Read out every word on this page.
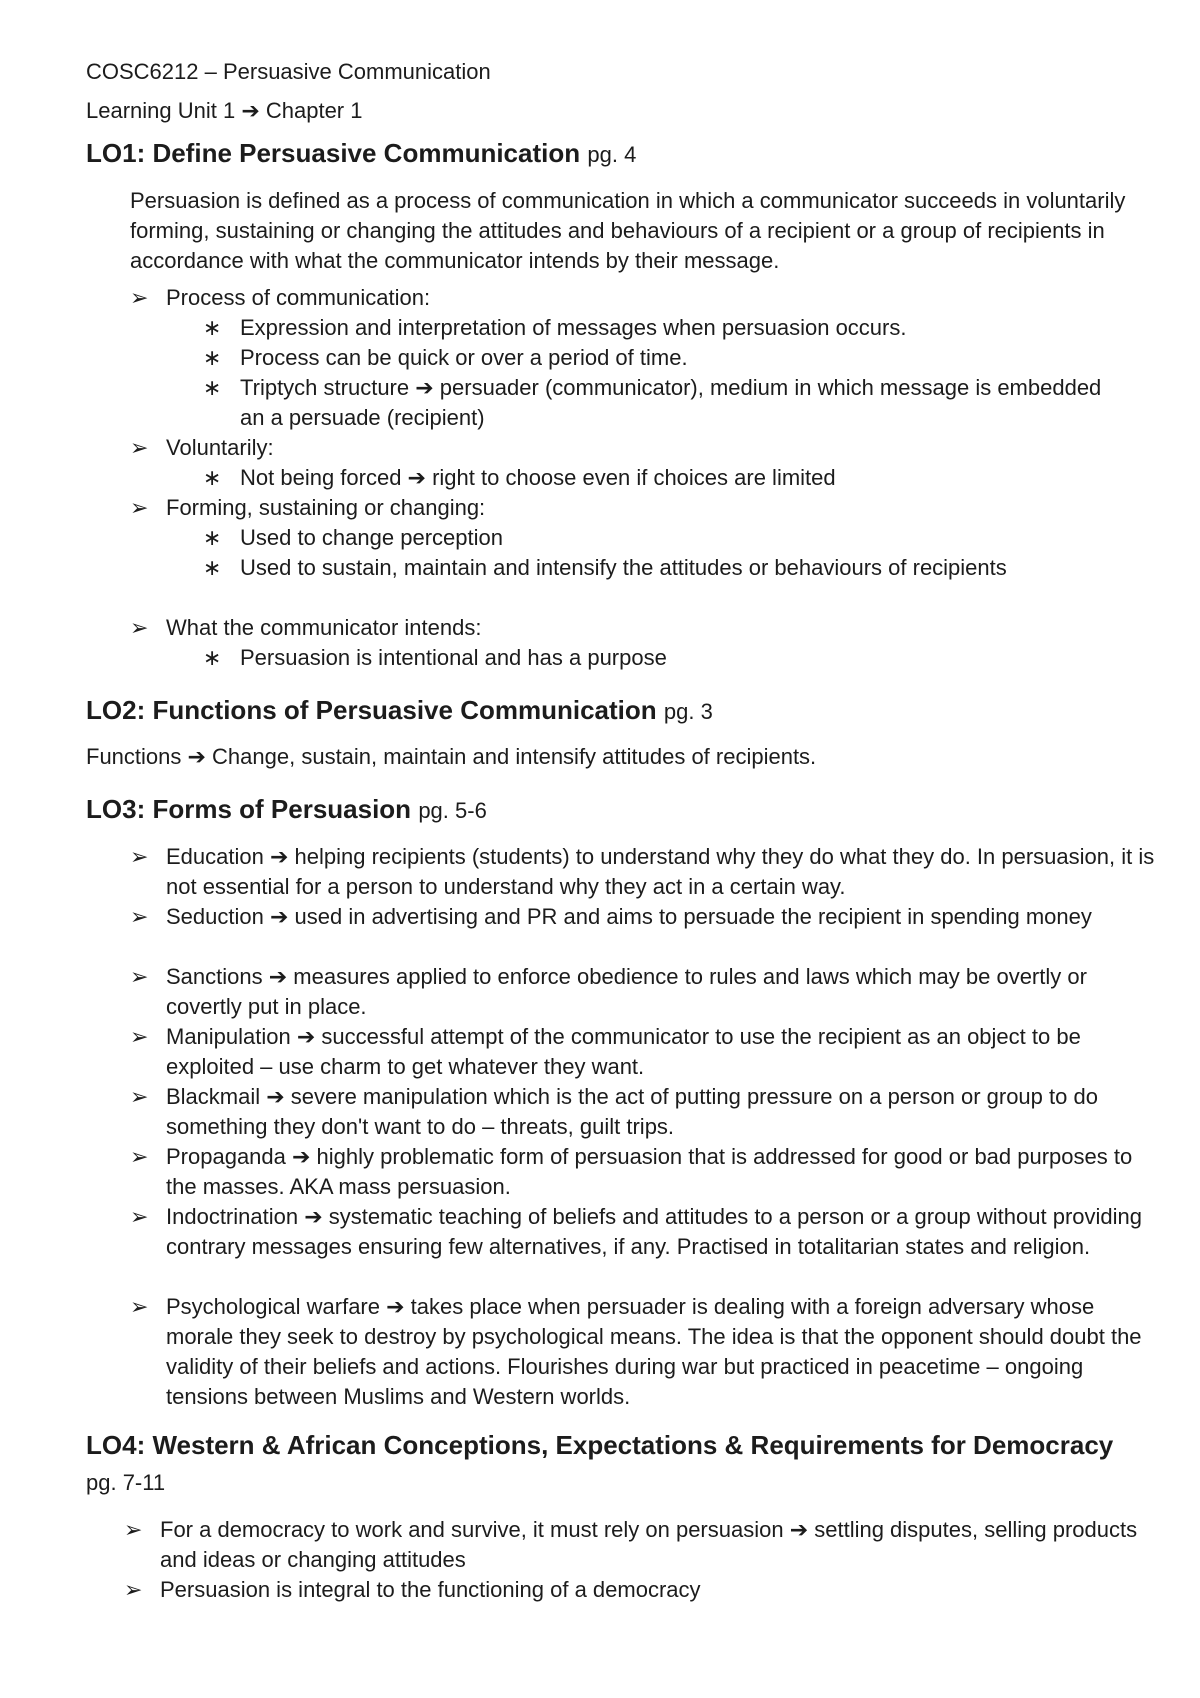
COSC6212 – Persuasive Communication
Learning Unit 1 ➔ Chapter 1
LO1: Define Persuasive Communication pg. 4
Persuasion is defined as a process of communication in which a communicator succeeds in voluntarily forming, sustaining or changing the attitudes and behaviours of a recipient or a group of recipients in accordance with what the communicator intends by their message.
➢ Process of communication:
∗ Expression and interpretation of messages when persuasion occurs.
∗ Process can be quick or over a period of time.
∗ Triptych structure ➔ persuader (communicator), medium in which message is embedded an a persuade (recipient)
➢ Voluntarily:
∗ Not being forced ➔ right to choose even if choices are limited
➢ Forming, sustaining or changing:
∗ Used to change perception
∗ Used to sustain, maintain and intensify the attitudes or behaviours of recipients
➢ What the communicator intends:
∗ Persuasion is intentional and has a purpose
LO2: Functions of Persuasive Communication pg. 3
Functions ➔ Change, sustain, maintain and intensify attitudes of recipients.
LO3: Forms of Persuasion pg. 5-6
➢ Education ➔ helping recipients (students) to understand why they do what they do. In persuasion, it is not essential for a person to understand why they act in a certain way.
➢ Seduction ➔ used in advertising and PR and aims to persuade the recipient in spending money
➢ Sanctions ➔ measures applied to enforce obedience to rules and laws which may be overtly or covertly put in place.
➢ Manipulation ➔ successful attempt of the communicator to use the recipient as an object to be exploited – use charm to get whatever they want.
➢ Blackmail ➔ severe manipulation which is the act of putting pressure on a person or group to do something they don't want to do – threats, guilt trips.
➢ Propaganda ➔ highly problematic form of persuasion that is addressed for good or bad purposes to the masses. AKA mass persuasion.
➢ Indoctrination ➔ systematic teaching of beliefs and attitudes to a person or a group without providing contrary messages ensuring few alternatives, if any. Practised in totalitarian states and religion.
➢ Psychological warfare ➔ takes place when persuader is dealing with a foreign adversary whose morale they seek to destroy by psychological means. The idea is that the opponent should doubt the validity of their beliefs and actions. Flourishes during war but practiced in peacetime – ongoing tensions between Muslims and Western worlds.
LO4: Western & African Conceptions, Expectations & Requirements for Democracy pg. 7-11
➢ For a democracy to work and survive, it must rely on persuasion ➔ settling disputes, selling products and ideas or changing attitudes
➢ Persuasion is integral to the functioning of a democracy
